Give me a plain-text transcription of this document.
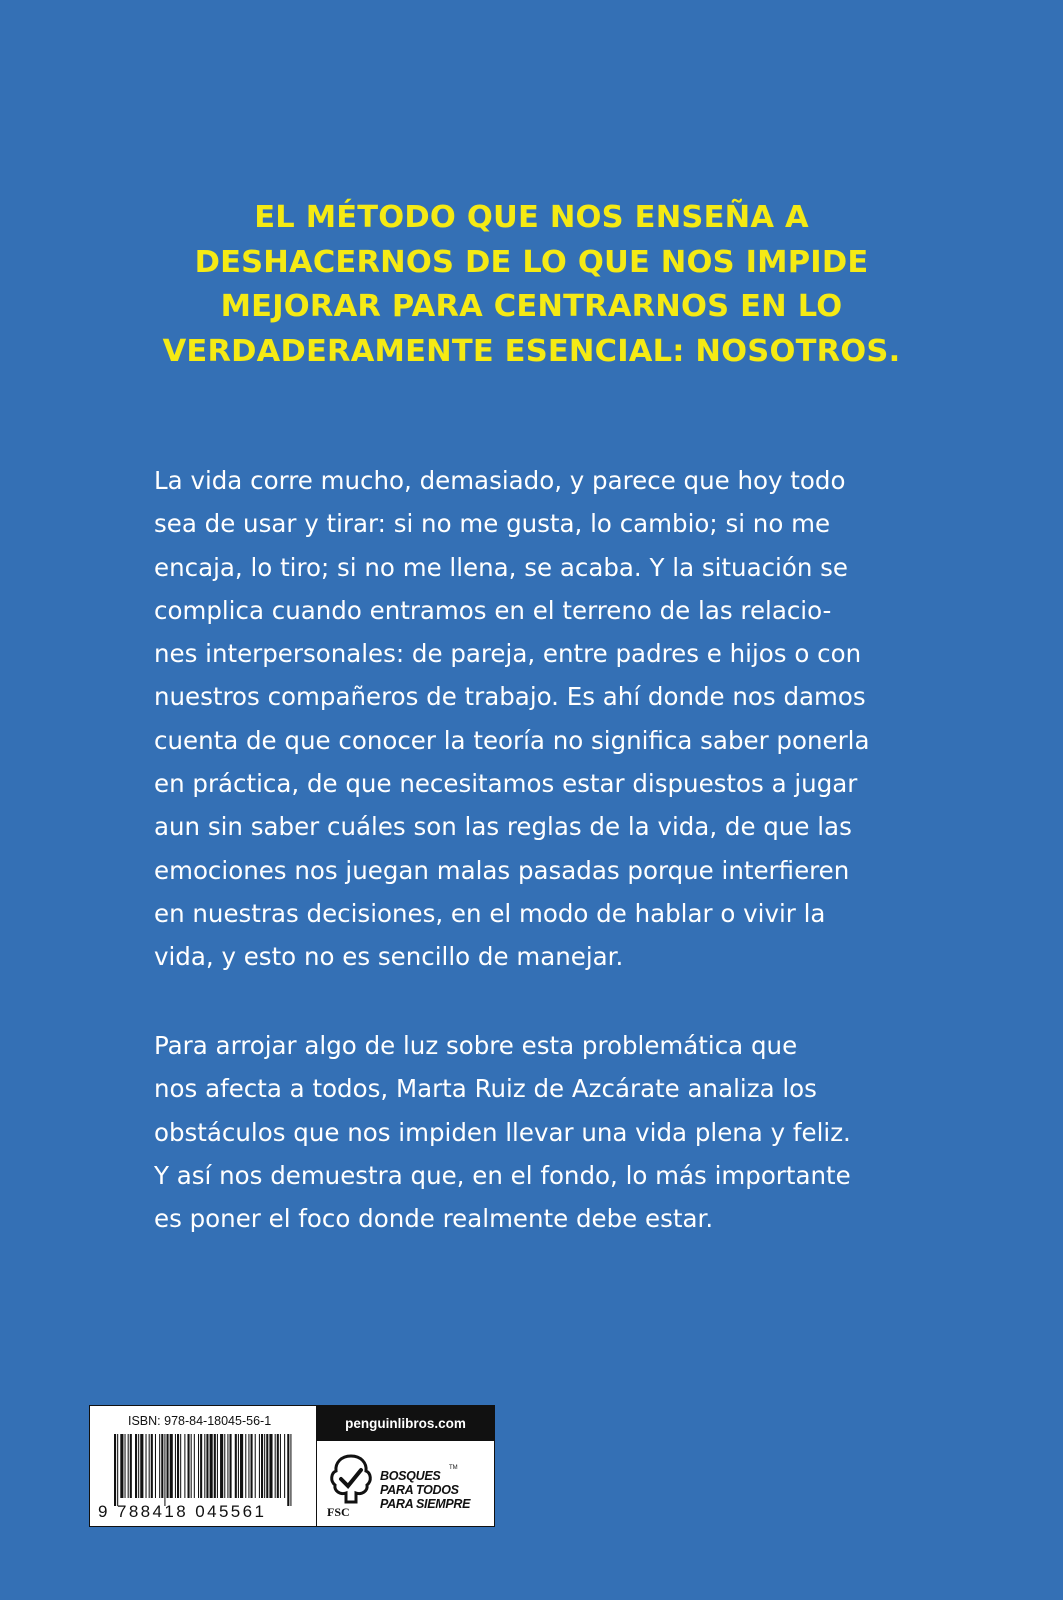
EL MÉTODO QUE NOS ENSEÑA A
DESHACERNOS DE LO QUE NOS IMPIDE
MEJORAR PARA CENTRARNOS EN LO
VERDADERAMENTE ESENCIAL: NOSOTROS.
La vida corre mucho, demasiado, y parece que hoy todo
sea de usar y tirar: si no me gusta, lo cambio; si no me
encaja, lo tiro; si no me llena, se acaba. Y la situación se
complica cuando entramos en el terreno de las relacio-
nes interpersonales: de pareja, entre padres e hijos o con
nuestros compañeros de trabajo. Es ahí donde nos damos
cuenta de que conocer la teoría no significa saber ponerla
en práctica, de que necesitamos estar dispuestos a jugar
aun sin saber cuáles son las reglas de la vida, de que las
emociones nos juegan malas pasadas porque interfieren
en nuestras decisiones, en el modo de hablar o vivir la
vida, y esto no es sencillo de manejar.
Para arrojar algo de luz sobre esta problemática que
nos afecta a todos, Marta Ruiz de Azcárate analiza los
obstáculos que nos impiden llevar una vida plena y feliz.
Y así nos demuestra que, en el fondo, lo más importante
es poner el foco donde realmente debe estar.
ISBN: 978-84-18045-56-1
9 788418 045561
penguinlibros.com
FSC
BOSQUES
PARA TODOS
PARA SIEMPRE
TM
